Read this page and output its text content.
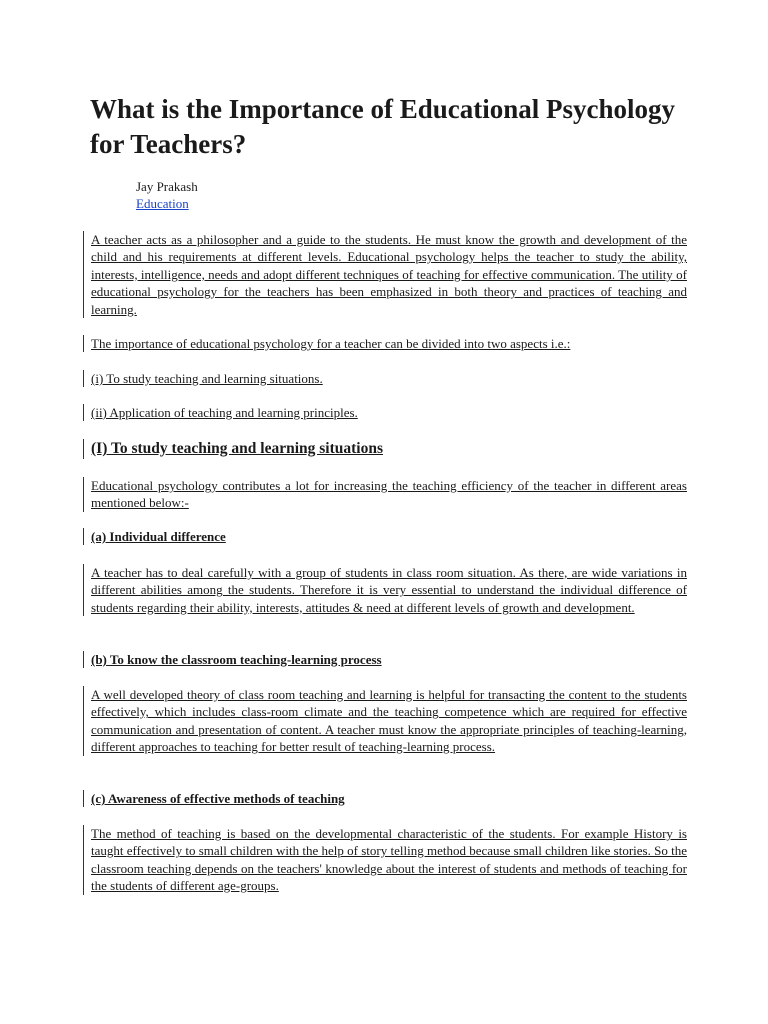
What is the Importance of Educational Psychology for Teachers?
Jay Prakash
Education
A teacher acts as a philosopher and a guide to the students. He must know the growth and development of the child and his requirements at different levels. Educational psychology helps the teacher to study the ability, interests, intelligence, needs and adopt different techniques of teaching for effective communication. The utility of educational psychology for the teachers has been emphasized in both theory and practices of teaching and learning.
The importance of educational psychology for a teacher can be divided into two aspects i.e.:
(i) To study teaching and learning situations.
(ii) Application of teaching and learning principles.
(I) To study teaching and learning situations
Educational psychology contributes a lot for increasing the teaching efficiency of the teacher in different areas mentioned below:-
(a) Individual difference
A teacher has to deal carefully with a group of students in class room situation. As there, are wide variations in different abilities among the students. Therefore it is very essential to understand the individual difference of students regarding their ability, interests, attitudes & need at different levels of growth and development.
(b) To know the classroom teaching-learning process
A well developed theory of class room teaching and learning is helpful for transacting the content to the students effectively, which includes class-room climate and the teaching competence which are required for effective communication and presentation of content. A teacher must know the appropriate principles of teaching-learning, different approaches to teaching for better result of teaching-learning process.
(c) Awareness of effective methods of teaching
The method of teaching is based on the developmental characteristic of the students. For example History is taught effectively to small children with the help of story telling method because small children like stories. So the classroom teaching depends on the teachers' knowledge about the interest of students and methods of teaching for the students of different age-groups.
